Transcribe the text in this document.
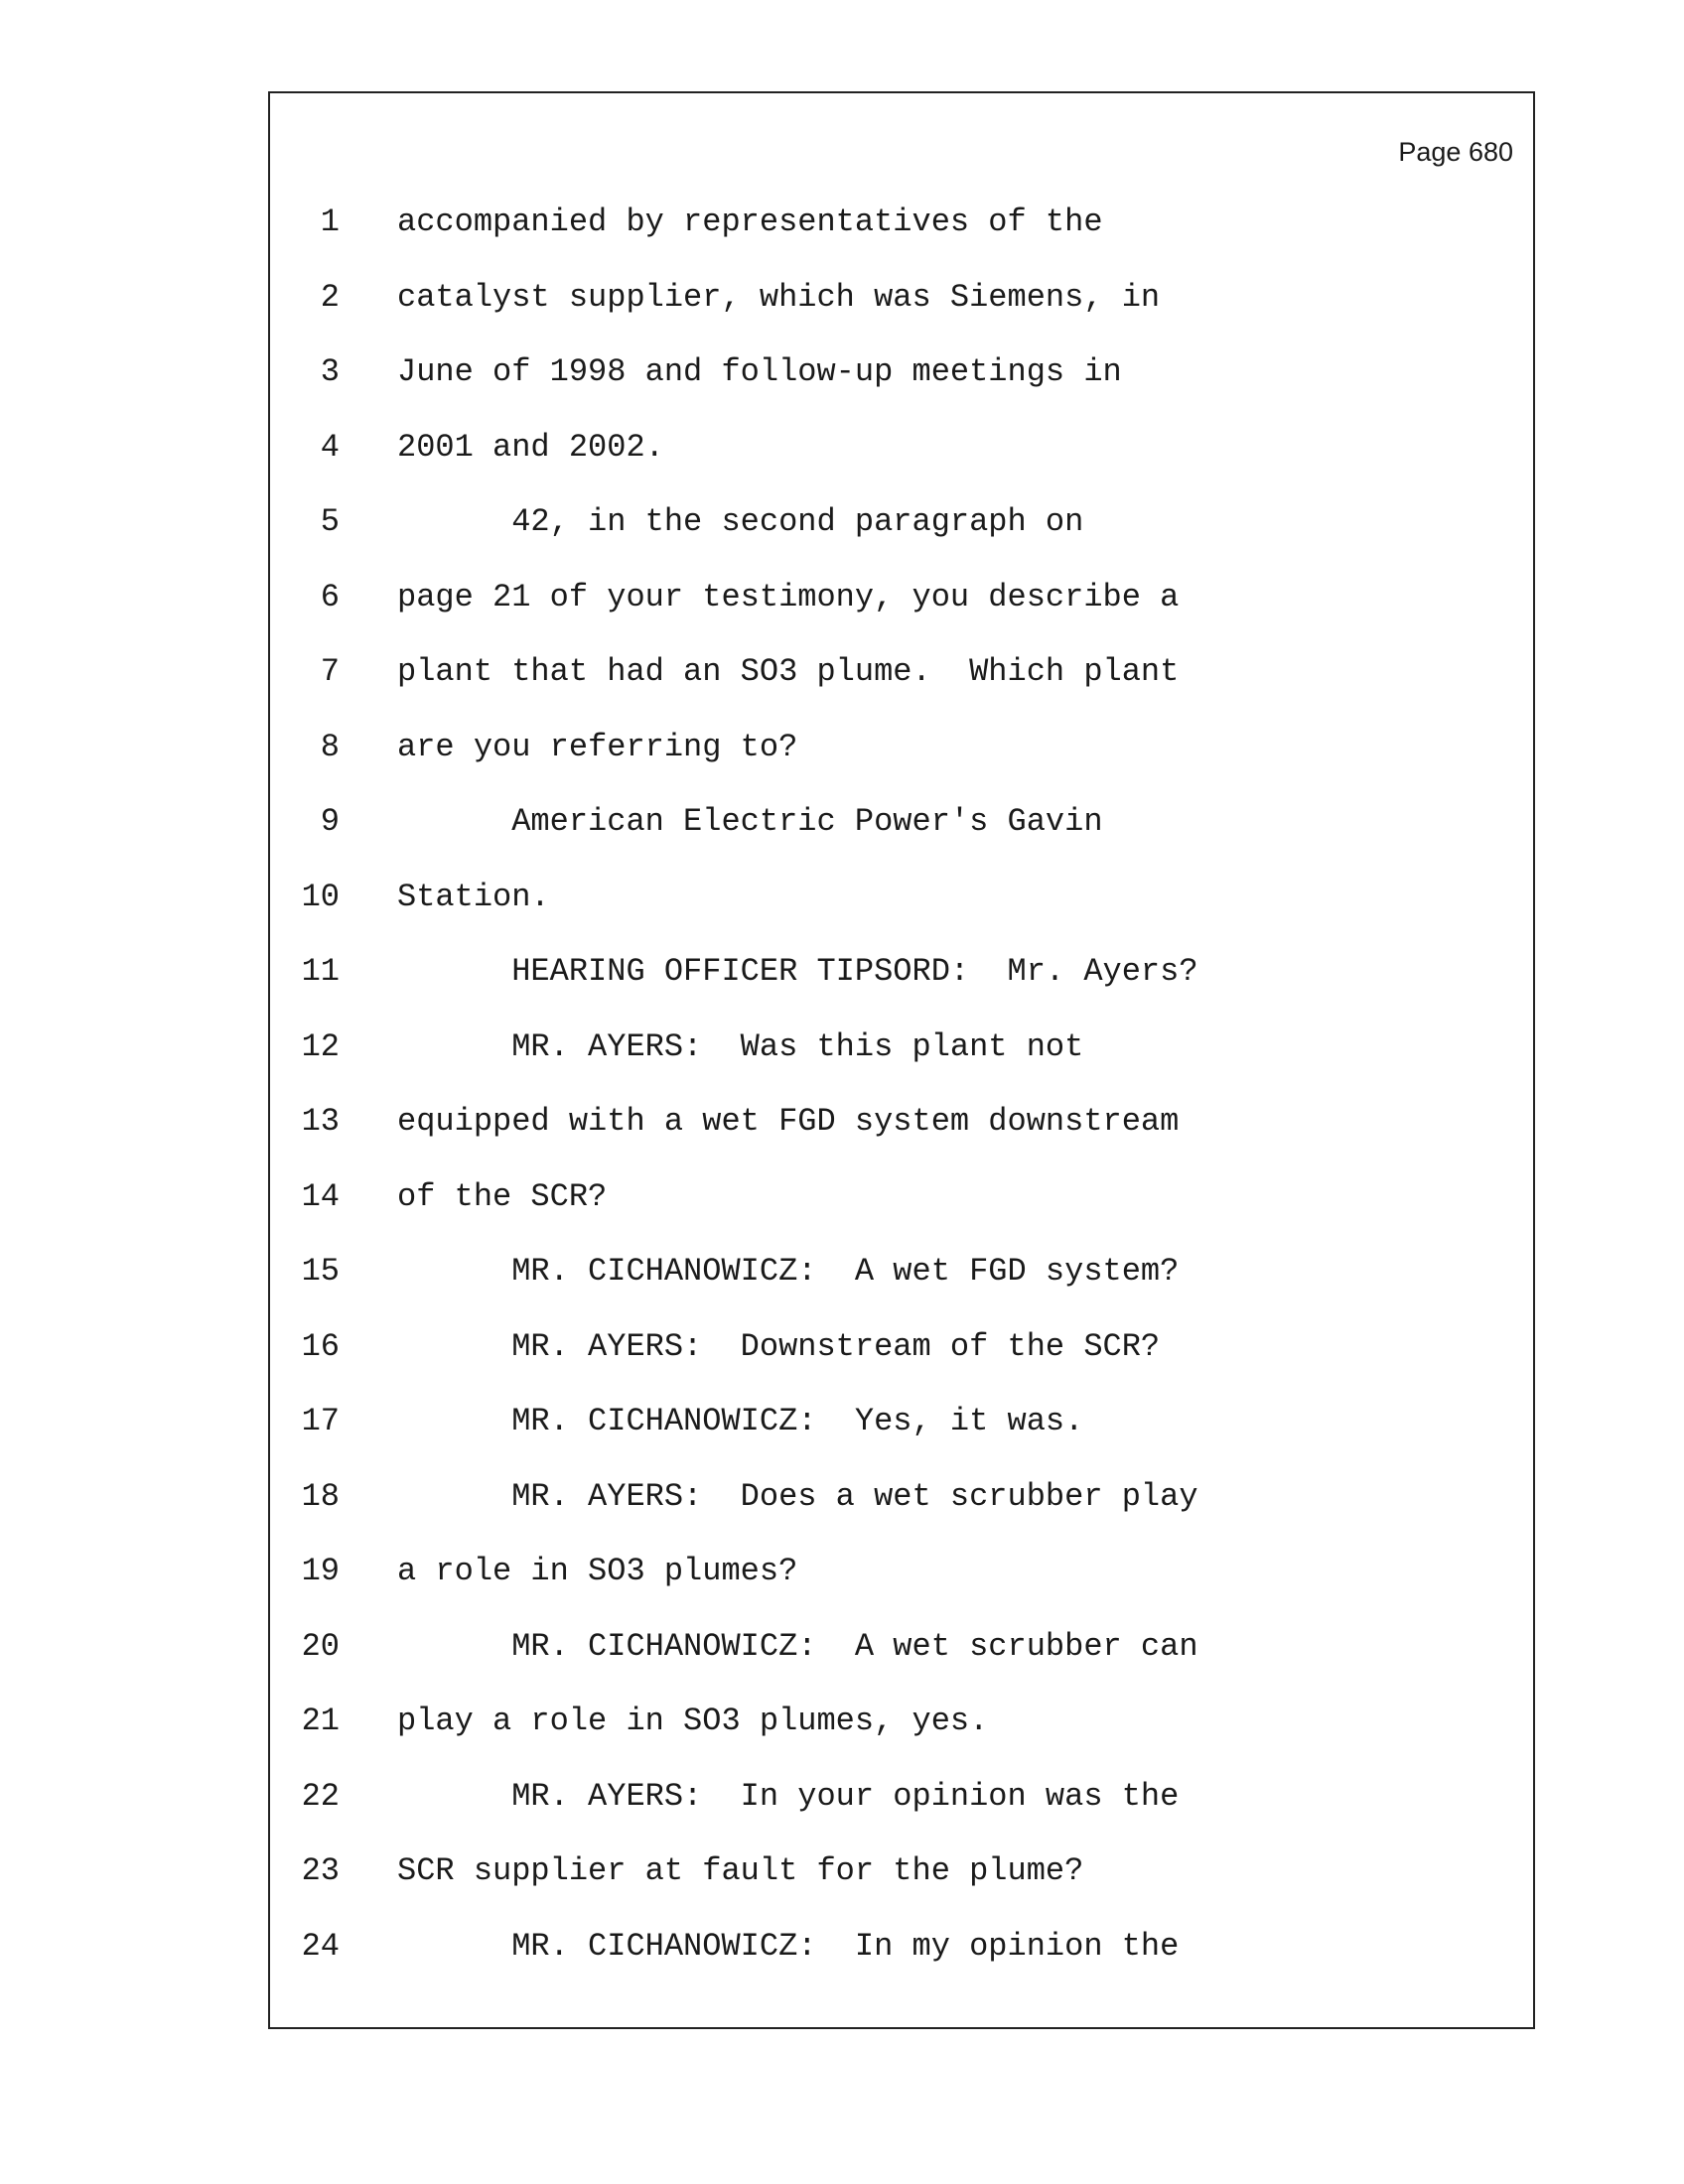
Page 680
1 accompanied by representatives of the
2 catalyst supplier, which was Siemens, in
3 June of 1998 and follow-up meetings in
4 2001 and 2002.
5 42, in the second paragraph on
6 page 21 of your testimony, you describe a
7 plant that had an SO3 plume.  Which plant
8 are you referring to?
9 American Electric Power's Gavin
10 Station.
11 HEARING OFFICER TIPSORD:  Mr. Ayers?
12 MR. AYERS:  Was this plant not
13 equipped with a wet FGD system downstream
14 of the SCR?
15 MR. CICHANOWICZ:  A wet FGD system?
16 MR. AYERS:  Downstream of the SCR?
17 MR. CICHANOWICZ:  Yes, it was.
18 MR. AYERS:  Does a wet scrubber play
19 a role in SO3 plumes?
20 MR. CICHANOWICZ:  A wet scrubber can
21 play a role in SO3 plumes, yes.
22 MR. AYERS:  In your opinion was the
23 SCR supplier at fault for the plume?
24 MR. CICHANOWICZ:  In my opinion the
